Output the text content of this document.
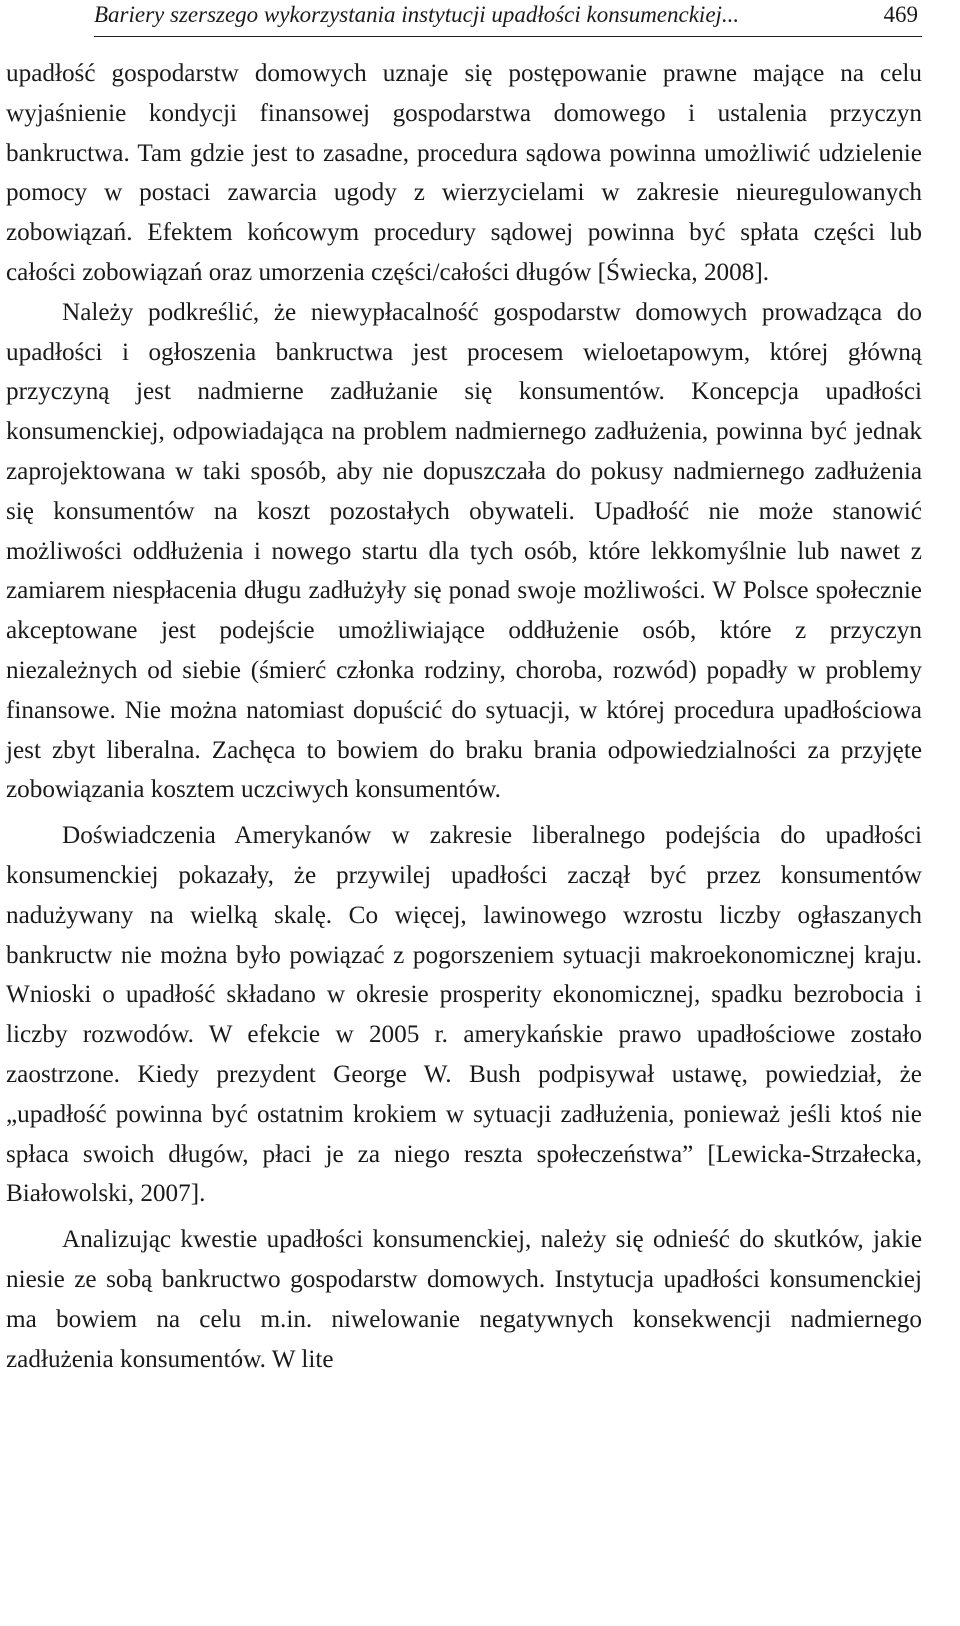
Bariery szerszego wykorzystania instytucji upadłości konsumenckiej...	469

upadłość gospodarstw domowych uznaje się postępowanie prawne mające na celu wyjaśnienie kondycji finansowej gospodarstwa domowego i ustalenia przyczyn bankructwa. Tam gdzie jest to zasadne, procedura sądowa powinna umożliwić udzielenie pomocy w postaci zawarcia ugody z wierzycielami w zakresie nieuregulowanych zobowiązań. Efektem końcowym procedury sądowej powinna być spłata części lub całości zobowiązań oraz umorzenia części/całości długów [Świecka, 2008].

Należy podkreślić, że niewypłacalność gospodarstw domowych prowadząca do upadłości i ogłoszenia bankructwa jest procesem wieloetapowym, której główną przyczyną jest nadmierne zadłużanie się konsumentów. Koncepcja upadłości konsumenckiej, odpowiadająca na problem nadmiernego zadłużenia, powinna być jednak zaprojektowana w taki sposób, aby nie dopuszczała do pokusy nadmiernego zadłużenia się konsumentów na koszt pozostałych obywateli. Upadłość nie może stanowić możliwości oddłużenia i nowego startu dla tych osób, które lekkomyślnie lub nawet z zamiarem niespłacenia długu zadłużyły się ponad swoje możliwości. W Polsce społecznie akceptowane jest podejście umożliwiające oddłużenie osób, które z przyczyn niezależnych od siebie (śmierć członka rodziny, choroba, rozwód) popadły w problemy finansowe. Nie można natomiast dopuścić do sytuacji, w której procedura upadłościowa jest zbyt liberalna. Zachęca to bowiem do braku brania odpowiedzialności za przyjęte zobowiązania kosztem uczciwych konsumentów.

Doświadczenia Amerykanów w zakresie liberalnego podejścia do upadłości konsumenckiej pokazały, że przywilej upadłości zaczął być przez konsumentów nadużywany na wielką skalę. Co więcej, lawinowego wzrostu liczby ogłaszanych bankructw nie można było powiązać z pogorszeniem sytuacji makroekonomicznej kraju. Wnioski o upadłość składano w okresie prosperity ekonomicznej, spadku bezrobocia i liczby rozwodów. W efekcie w 2005 r. amerykańskie prawo upadłościowe zostało zaostrzone. Kiedy prezydent George W. Bush podpisywał ustawę, powiedział, że „upadłość powinna być ostatnim krokiem w sytuacji zadłużenia, ponieważ jeśli ktoś nie spłaca swoich długów, płaci je za niego reszta społeczeństwa” [Lewicka-Strzałecka, Białowolski, 2007].

Analizując kwestie upadłości konsumenckiej, należy się odnieść do skutków, jakie niesie ze sobą bankructwo gospodarstw domowych. Instytucja upadłości konsumenckiej ma bowiem na celu m.in. niwelowanie negatywnych konsekwencji nadmiernego zadłużenia konsumentów. W lite
